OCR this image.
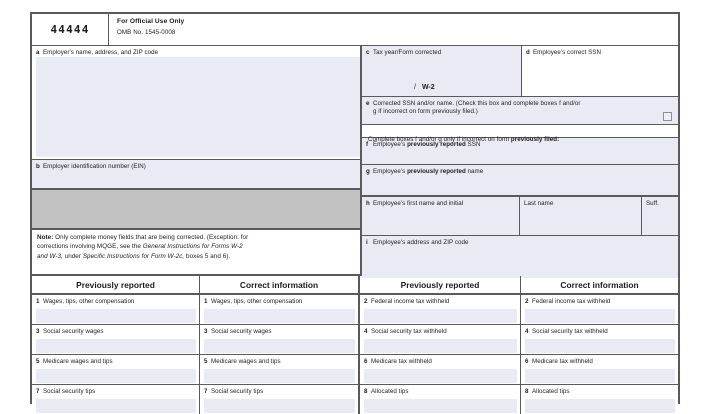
44444
For Official Use Only
OMB No. 1545-0008
a Employer's name, address, and ZIP code
b Employer identification number (EIN)
Note: Only complete money fields that are being corrected. (Exception: for
corrections involving MQGE, see the General Instructions for Forms W-2
and W-3, under Specific Instructions for Form W-2c, boxes 5 and 6).
c Tax year/Form corrected
/ W-2
d Employee's correct SSN
e Corrected SSN and/or name. (Check this box and complete boxes f and/or
g if incorrect on form previously filed.)
Complete boxes f and/or g only if incorrect on form previously filed:
f Employee's previously reported SSN
g Employee's previously reported name
h Employee's first name and initial	Last name	Suff.
i Employee's address and ZIP code
Previously reported	Correct information	Previously reported	Correct information
1 Wages, tips, other compensation	1 Wages, tips, other compensation	2 Federal income tax withheld	2 Federal income tax withheld
3 Social security wages	3 Social security wages	4 Social security tax withheld	4 Social security tax withheld
5 Medicare wages and tips	5 Medicare wages and tips	6 Medicare tax withheld	6 Medicare tax withheld
7 Social security tips	7 Social security tips	8 Allocated tips	8 Allocated tips
